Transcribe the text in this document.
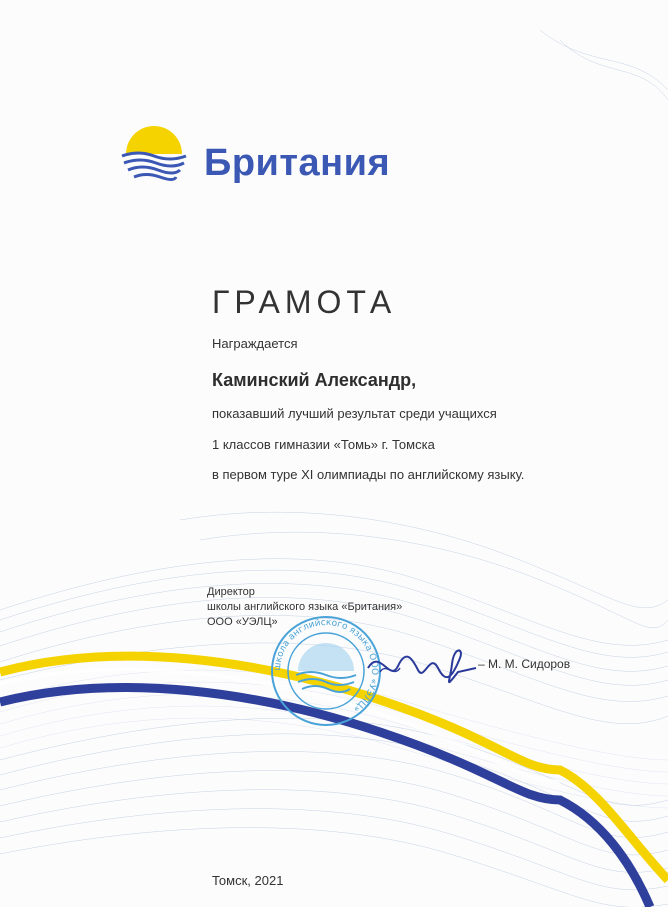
Британия
ГРАМОТА
Награждается
Каминский Александр,
показавший лучший результат среди учащихся
1 классов гимназии «Томь» г. Томска
в первом туре XI олимпиады по английскому языку.
Директор
школы английского языка «Британия»
ООО «УЭЛЦ»
школа английского языка ООО «УЭЛЦ»
– М. М. Сидоров
Томск, 2021
